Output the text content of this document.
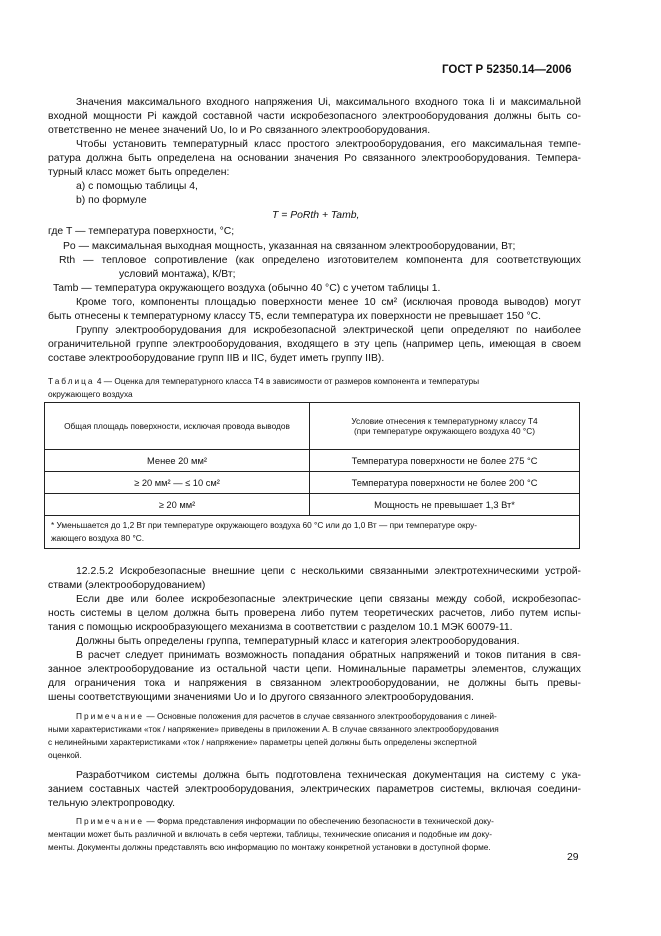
ГОСТ Р 52350.14—2006
Значения максимального входного напряжения Ui, максимального входного тока Ii и максимальной
входной мощности Pi каждой составной части искробезопасного электрооборудования должны быть со-
ответственно не менее значений Uo, Io и Po связанного электрооборудования.
Чтобы установить температурный класс простого электрооборудования, его максимальная темпе-
ратура должна быть определена на основании значения Po связанного электрооборудования. Темпера-
турный класс может быть определен:
a) с помощью таблицы 4,
b) по формуле
T = PoRth + Tamb,
где T — температура поверхности, °C;
Po — максимальная выходная мощность, указанная на связанном электрооборудовании, Вт;
Rth — тепловое сопротивление (как определено изготовителем компонента для соответствующих
условий монтажа), К/Вт;
Tamb — температура окружающего воздуха (обычно 40 °С) с учетом таблицы 1.
Кроме того, компоненты площадью поверхности менее 10 см² (исключая провода выводов) могут
быть отнесены к температурному классу Т5, если температура их поверхности не превышает 150 °С.
Группу электрооборудования для искробезопасной электрической цепи определяют по наиболее
ограничительной группе электрооборудования, входящего в эту цепь (например цепь, имеющая в своем
составе электрооборудование групп IIB и IIC, будет иметь группу IIB).
Таблица 4 — Оценка для температурного класса Т4 в зависимости от размеров компонента и температуры
окружающего воздуха
Общая площадь поверхности, исключая провода выводов	Условие отнесения к температурному классу Т4
(при температуре окружающего воздуха 40 °С)

Менее 20 мм²	Температура поверхности не более 275 °С
≥ 20 мм² — ≤ 10 см²	Температура поверхности не более 200 °С
≥ 20 мм²	Мощность не превышает 1,3 Вт*

* Уменьшается до 1,2 Вт при температуре окружающего воздуха 60 °С или до 1,0 Вт — при температуре окру-
жающего воздуха 80 °С.	
12.2.5.2 Искробезопасные внешние цепи с несколькими связанными электротехническими устрой-
ствами (электрооборудованием)
Если две или более искробезопасные электрические цепи связаны между собой, искробезопас-
ность системы в целом должна быть проверена либо путем теоретических расчетов, либо путем испы-
тания с помощью искрообразующего механизма в соответствии с разделом 10.1 МЭК 60079-11.
Должны быть определены группа, температурный класс и категория электрооборудования.
В расчет следует принимать возможность попадания обратных напряжений и токов питания в свя-
занное электрооборудование из остальной части цепи. Номинальные параметры элементов, служащих
для ограничения тока и напряжения в связанном электрооборудовании, не должны быть превы-
шены соответствующими значениями Uo и Io другого связанного электрооборудования.
Примечание — Основные положения для расчетов в случае связанного электрооборудования с линей-
ными характеристиками «ток / напряжение» приведены в приложении А. В случае связанного электрооборудования
с нелинейными характеристиками «ток / напряжение» параметры цепей должны быть определены экспертной
оценкой.
Разработчиком системы должна быть подготовлена техническая документация на систему с ука-
занием составных частей электрооборудования, электрических параметров системы, включая соедини-
тельную электропроводку.
Примечание — Форма представления информации по обеспечению безопасности в технической доку-
ментации может быть различной и включать в себя чертежи, таблицы, технические описания и подобные им доку-
менты. Документы должны представлять всю информацию по монтажу конкретной установки в доступной форме.
29
